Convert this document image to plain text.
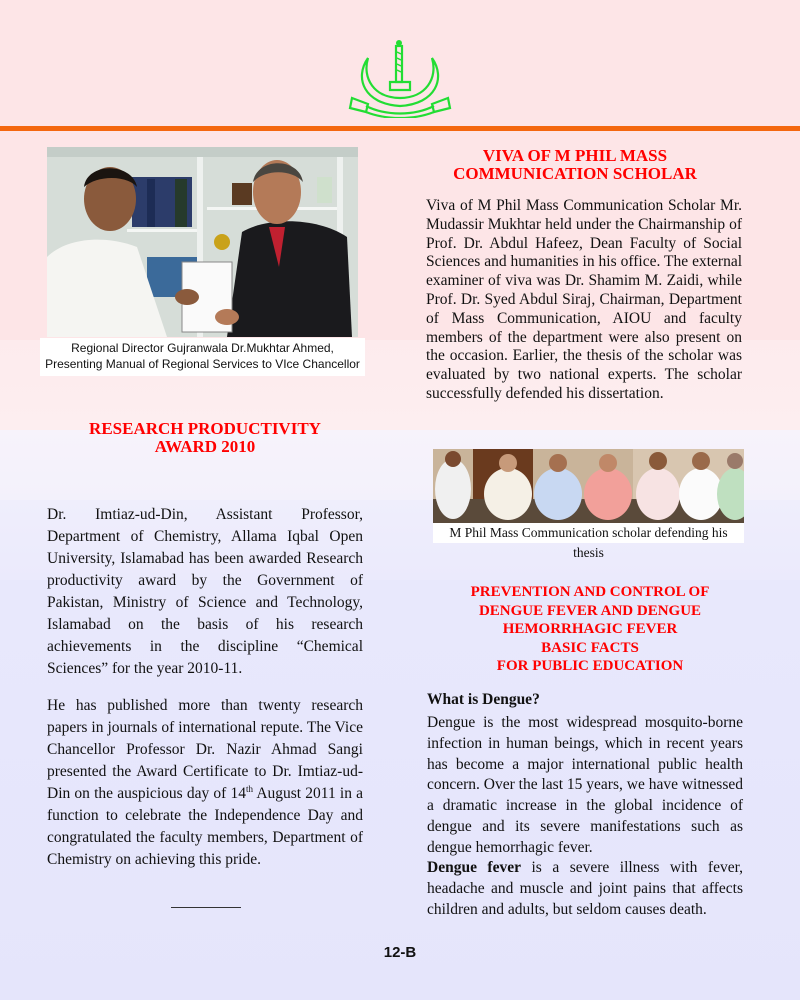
Regional Director Gujranwala Dr.Mukhtar Ahmed,
Presenting Manual of Regional Services to VIce Chancellor
VIVA OF M PHIL MASS
COMMUNICATION SCHOLAR

Viva of M Phil Mass Communication Scholar Mr. Mudassir Mukhtar held under the Chairmanship of Prof. Dr. Abdul Hafeez, Dean Faculty of Social Sciences and humanities in his office. The external examiner of viva was Dr. Shamim M. Zaidi, while Prof. Dr. Syed Abdul Siraj, Chairman, Department of Mass Communication, AIOU and faculty members of the department were also present on the occasion. Earlier, the thesis of the scholar was evaluated by two national experts. The scholar successfully defended his dissertation.

M Phil Mass Communication scholar defending his thesis
RESEARCH PRODUCTIVITY
AWARD 2010

Dr. Imtiaz-ud-Din, Assistant Professor, Department of Chemistry, Allama Iqbal Open University, Islamabad has been awarded Research productivity award by the Government of Pakistan, Ministry of Science and Technology, Islamabad on the basis of his research achievements in the discipline “Chemical Sciences” for the year 2010-11.

He has published more than twenty research papers in journals of international repute. The Vice Chancellor Professor Dr. Nazir Ahmad Sangi presented the Award Certificate to Dr. Imtiaz-ud-Din on the auspicious day of 14th August 2011 in a function to celebrate the Independence Day and congratulated the faculty members, Department of Chemistry on achieving this pride.

PREVENTION AND CONTROL OF
DENGUE FEVER AND DENGUE
HEMORRHAGIC FEVER
BASIC FACTS
FOR PUBLIC EDUCATION

What is Dengue?

Dengue is the most widespread mosquito-borne infection in human beings, which in recent years has become a major international public health concern. Over the last 15 years, we have witnessed a dramatic increase in the global incidence of dengue and its severe manifestations such as dengue hemorrhagic fever.

Dengue fever is a severe illness with fever, headache and muscle and joint pains that affects children and adults, but seldom causes death.

12-B
